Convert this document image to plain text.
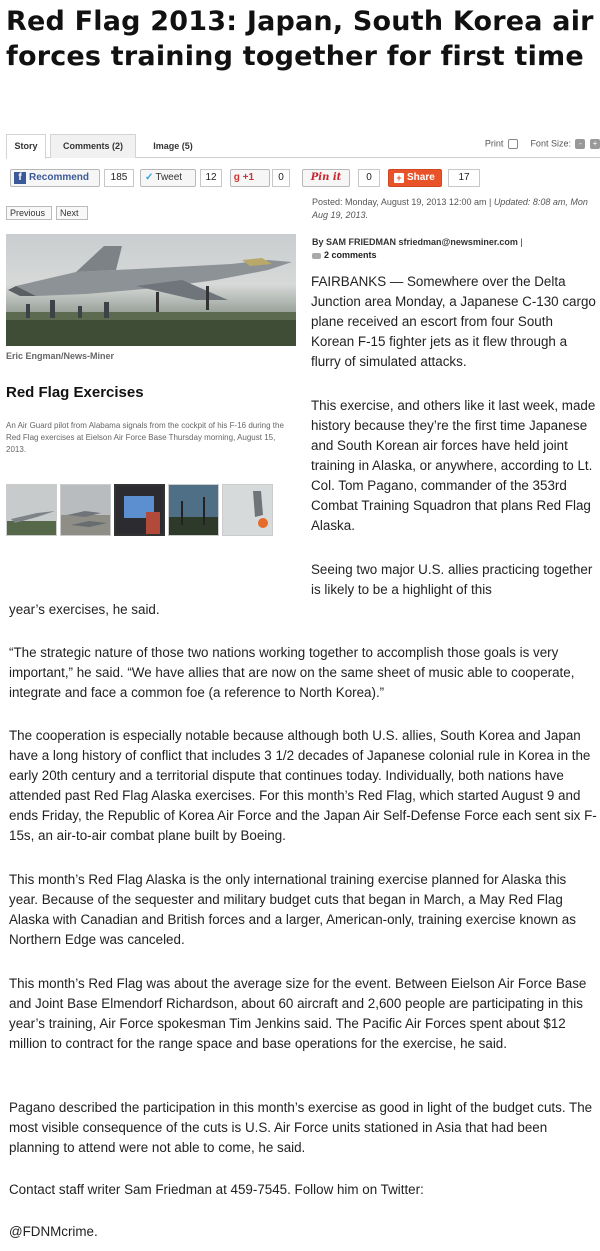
Red Flag 2013: Japan, South Korea air forces training together for first time
Story	Comments (2)	Image (5)	Print	Font Size: - +
f Recommend	185	✓ Tweet	12	g +1	0	Pin it	0	+ Share	17
Previous	Next
Posted: Monday, August 19, 2013 12:00 am | Updated: 8:08 am, Mon Aug 19, 2013.
By SAM FRIEDMAN sfriedman@newsminer.com |
2 comments
Eric Engman/News-Miner
Red Flag Exercises
An Air Guard pilot from Alabama signals from the cockpit of his F-16 during the Red Flag exercises at Eielson Air Force Base Thursday morning, August 15, 2013.

FAIRBANKS — Somewhere over the Delta Junction area Monday, a Japanese C-130 cargo plane received an escort from four South Korean F-15 fighter jets as it flew through a flurry of simulated attacks.

This exercise, and others like it last week, made history because they’re the first time Japanese and South Korean air forces have held joint training in Alaska, or anywhere, according to Lt. Col. Tom Pagano, commander of the 353rd Combat Training Squadron that plans Red Flag Alaska.

Seeing two major U.S. allies practicing together is likely to be a highlight of this

year’s exercises, he said.

“The strategic nature of those two nations working together to accomplish those goals is very important,” he said. “We have allies that are now on the same sheet of music able to cooperate, integrate and face a common foe (a reference to North Korea).”

The cooperation is especially notable because although both U.S. allies, South Korea and Japan have a long history of conflict that includes 3 1/2 decades of Japanese colonial rule in Korea in the early 20th century and a territorial dispute that continues today. Individually, both nations have attended past Red Flag Alaska exercises. For this month’s Red Flag, which started August 9 and ends Friday, the Republic of Korea Air Force and the Japan Air Self-Defense Force each sent six F-15s, an air-to-air combat plane built by Boeing.

This month’s Red Flag Alaska is the only international training exercise planned for Alaska this year. Because of the sequester and military budget cuts that began in March, a May Red Flag Alaska with Canadian and British forces and a larger, American-only, training exercise known as Northern Edge was canceled.

This month’s Red Flag was about the average size for the event. Between Eielson Air Force Base and Joint Base Elmendorf Richardson, about 60 aircraft and 2,600 people are participating in this year’s training, Air Force spokesman Tim Jenkins said. The Pacific Air Forces spent about $12 million to contract for the range space and base operations for the exercise, he said.

Pagano described the participation in this month’s exercise as good in light of the budget cuts. The most visible consequence of the cuts is U.S. Air Force units stationed in Asia that had been planning to attend were not able to come, he said.

Contact staff writer Sam Friedman at 459-7545. Follow him on Twitter:

@FDNMcrime.
